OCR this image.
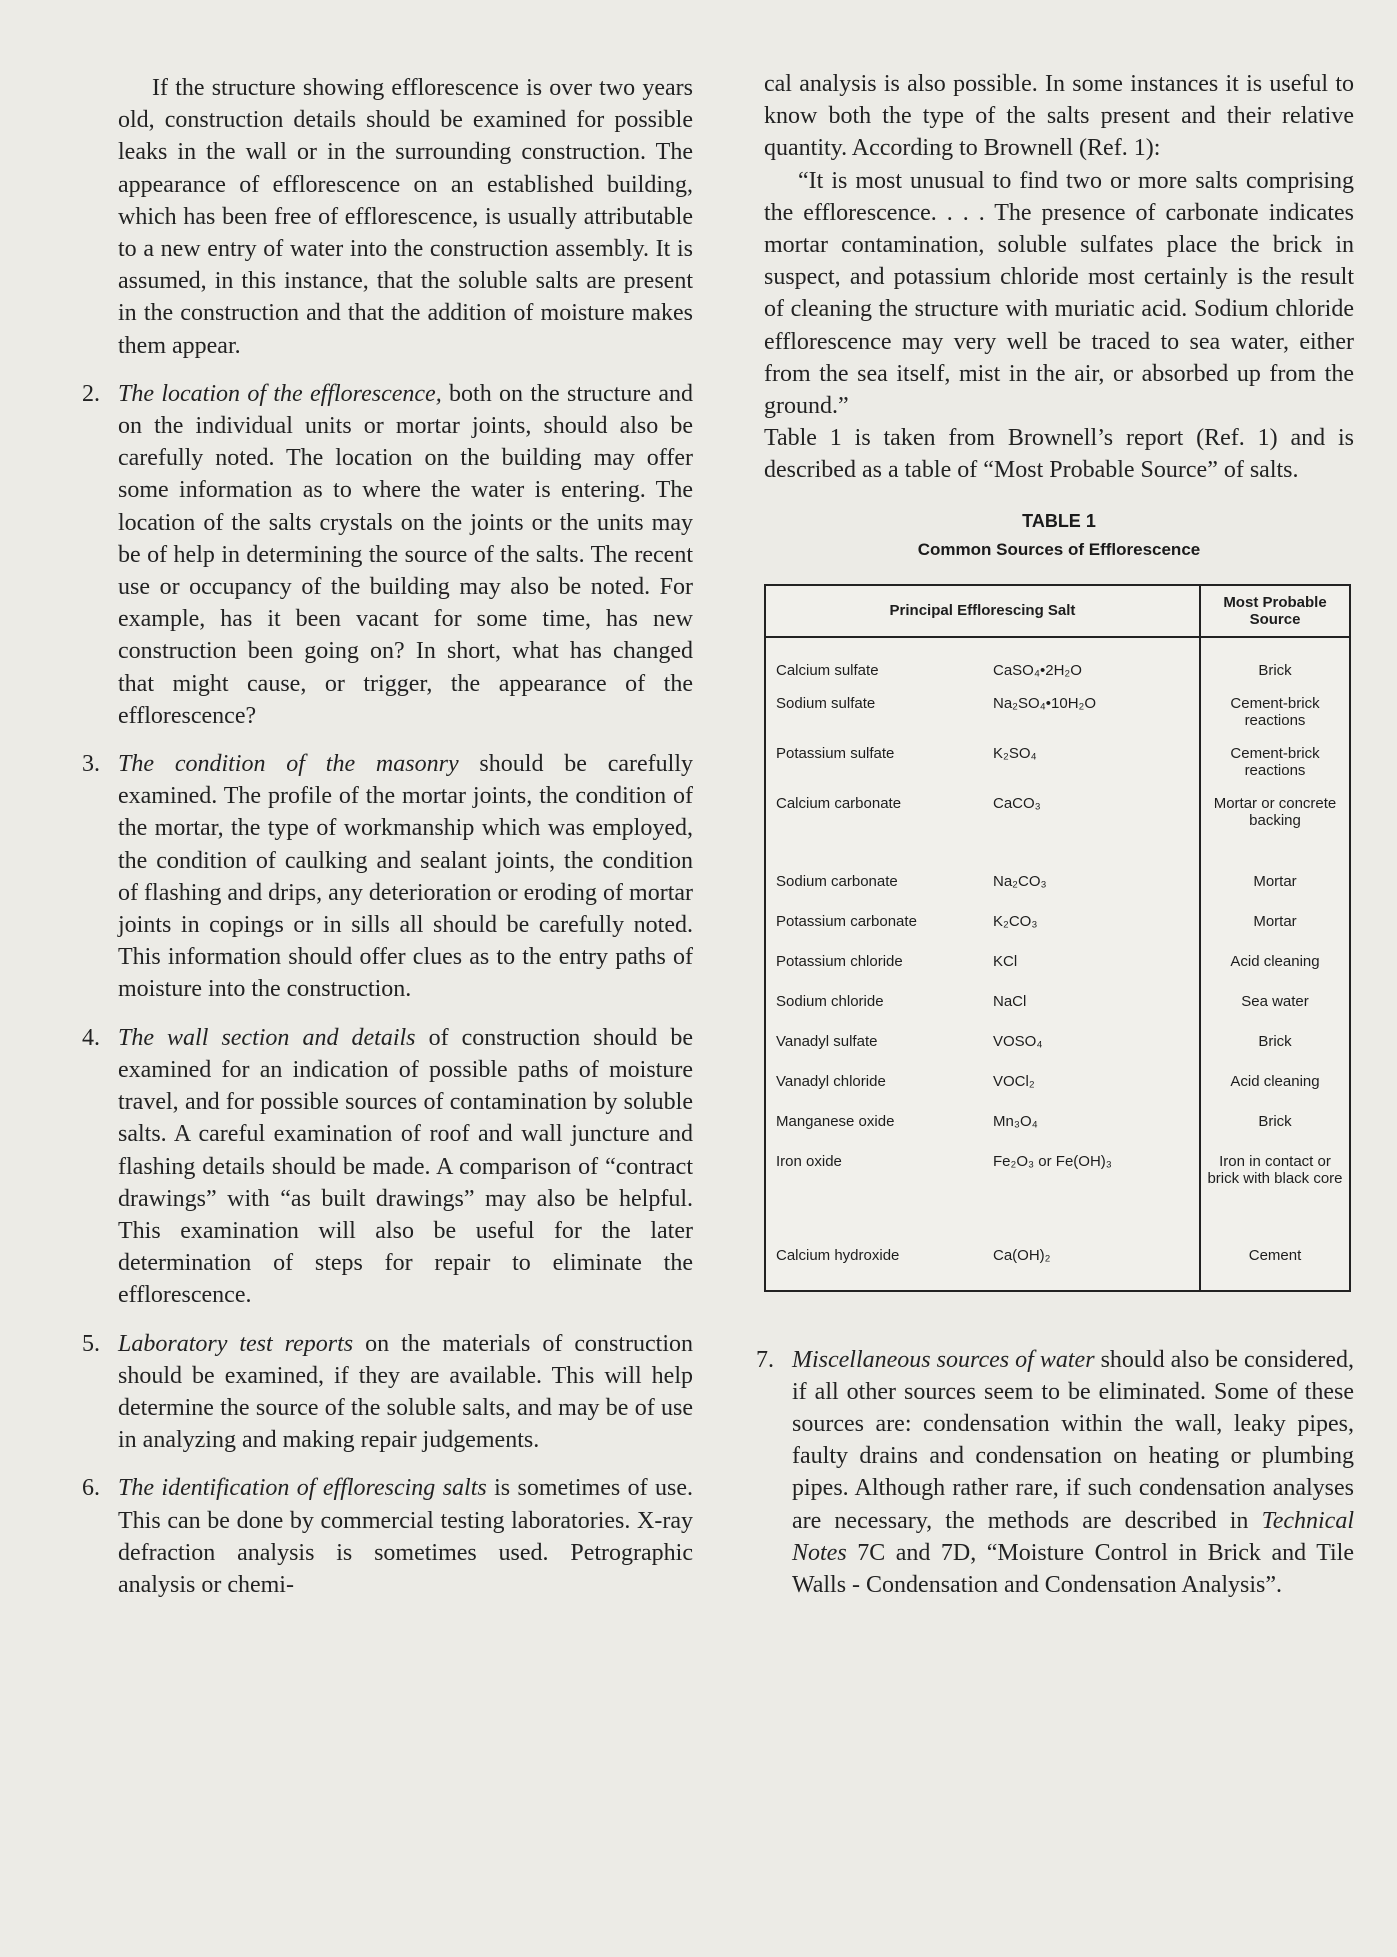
If the structure showing efflorescence is over two years old, construction details should be examined for possible leaks in the wall or in the surrounding construction. The appearance of efflorescence on an established building, which has been free of efflorescence, is usually attributable to a new entry of water into the construction assembly. It is assumed, in this instance, that the soluble salts are present in the construction and that the addition of moisture makes them appear.

2. The location of the efflorescence, both on the structure and on the individual units or mortar joints, should also be carefully noted. The location on the building may offer some information as to where the water is entering. The location of the salts crystals on the joints or the units may be of help in determining the source of the salts. The recent use or occupancy of the building may also be noted. For example, has it been vacant for some time, has new construction been going on? In short, what has changed that might cause, or trigger, the appearance of the efflorescence?
3. The condition of the masonry should be carefully examined. The profile of the mortar joints, the condition of the mortar, the type of workmanship which was employed, the condition of caulking and sealant joints, the condition of flashing and drips, any deterioration or eroding of mortar joints in copings or in sills all should be carefully noted. This information should offer clues as to the entry paths of moisture into the construction.
4. The wall section and details of construction should be examined for an indication of possible paths of moisture travel, and for possible sources of contamination by soluble salts. A careful examination of roof and wall juncture and flashing details should be made. A comparison of “contract drawings” with “as built drawings” may also be helpful. This examination will also be useful for the later determination of steps for repair to eliminate the efflorescence.
5. Laboratory test reports on the materials of construction should be examined, if they are available. This will help determine the source of the soluble salts, and may be of use in analyzing and making repair judgements.
6. The identification of efflorescing salts is sometimes of use. This can be done by commercial testing laboratories. X-ray defraction analysis is sometimes used. Petrographic analysis or chemi-

cal analysis is also possible. In some instances it is useful to know both the type of the salts present and their relative quantity. According to Brownell (Ref. 1):

“It is most unusual to find two or more salts comprising the efflorescence. . . . The presence of carbonate indicates mortar contamination, soluble sulfates place the brick in suspect, and potassium chloride most certainly is the result of cleaning the structure with muriatic acid. Sodium chloride efflorescence may very well be traced to sea water, either from the sea itself, mist in the air, or absorbed up from the ground.”

Table 1 is taken from Brownell’s report (Ref. 1) and is described as a table of “Most Probable Source” of salts.

TABLE 1
Common Sources of Efflorescence
Principal Efflorescing Salt		Most Probable Source
Calcium sulfate	CaSO₄•2H₂O	Brick
Sodium sulfate	Na₂SO₄•10H₂O	Cement-brick reactions
Potassium sulfate	K₂SO₄	Cement-brick reactions
Calcium carbonate	CaCO₃	Mortar or concrete backing
Sodium carbonate	Na₂CO₃	Mortar
Potassium carbonate	K₂CO₃	Mortar
Potassium chloride	KCl	Acid cleaning
Sodium chloride	NaCl	Sea water
Vanadyl sulfate	VOSO₄	Brick
Vanadyl chloride	VOCl₂	Acid cleaning
Manganese oxide	Mn₃O₄	Brick
Iron oxide	Fe₂O₃ or Fe(OH)₃	Iron in contact or brick with black core
Calcium hydroxide	Ca(OH)₂	Cement
7. Miscellaneous sources of water should also be considered, if all other sources seem to be eliminated. Some of these sources are: condensation within the wall, leaky pipes, faulty drains and condensation on heating or plumbing pipes. Although rather rare, if such condensation analyses are necessary, the methods are described in Technical Notes 7C and 7D, “Moisture Control in Brick and Tile Walls - Condensation and Condensation Analysis”.
